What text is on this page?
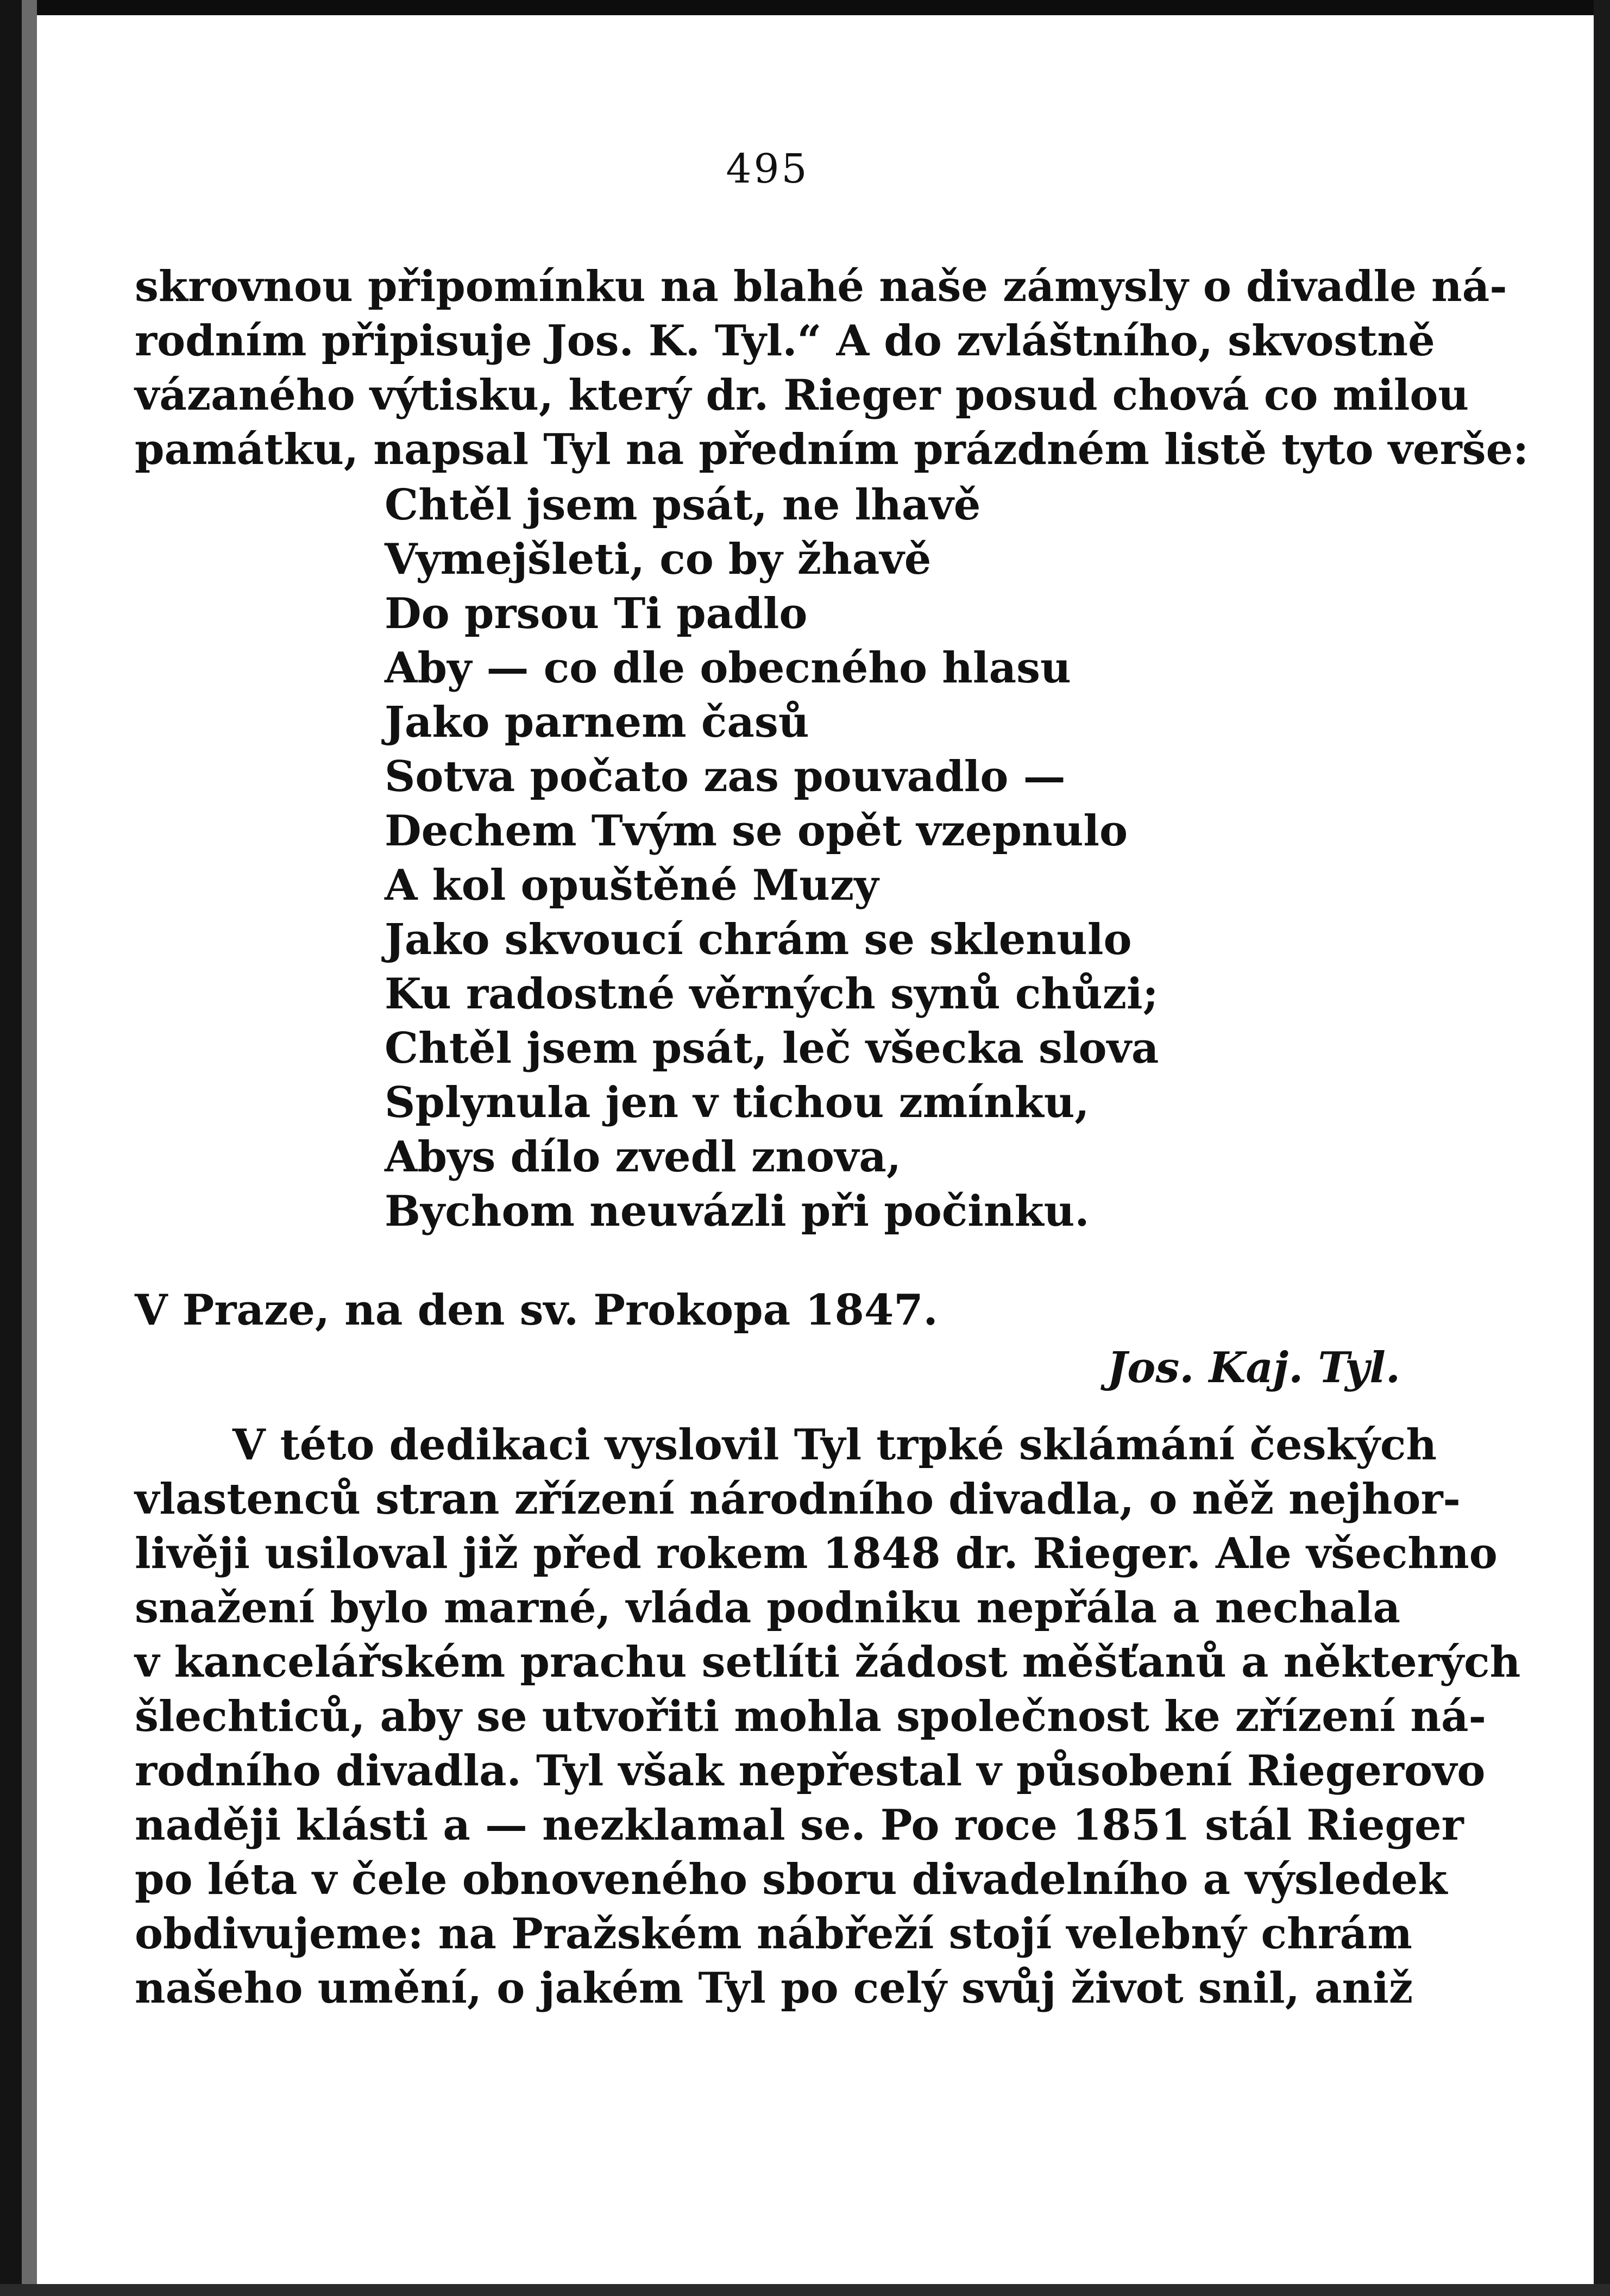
495
skrovnou připomínku na blahé naše zámysly o divadle ná-
rodním připisuje Jos. K. Tyl.“ A do zvláštního, skvostně
vázaného výtisku, který dr. Rieger posud chová co milou
památku, napsal Tyl na předním prázdném listě tyto verše:
Chtěl jsem psát, ne lhavě
Vymejšleti, co by žhavě
Do prsou Ti padlo
Aby — co dle obecného hlasu
Jako parnem časů
Sotva počato zas pouvadlo —
Dechem Tvým se opět vzepnulo
A kol opuštěné Muzy
Jako skvoucí chrám se sklenulo
Ku radostné věrných synů chůzi;
Chtěl jsem psát, leč všecka slova
Splynula jen v tichou zmínku,
Abys dílo zvedl znova,
Bychom neuvázli při počinku.
V Praze, na den sv. Prokopa 1847.
Jos. Kaj. Tyl.
V této dedikaci vyslovil Tyl trpké sklámání českých
vlastenců stran zřízení národního divadla, o něž nejhor-
livěji usiloval již před rokem 1848 dr. Rieger. Ale všechno
snažení bylo marné, vláda podniku nepřála a nechala
v kancelářském prachu setlíti žádost měšťanů a některých
šlechticů, aby se utvořiti mohla společnost ke zřízení ná-
rodního divadla. Tyl však nepřestal v působení Riegerovo
naději klásti a — nezklamal se. Po roce 1851 stál Rieger
po léta v čele obnoveného sboru divadelního a výsledek
obdivujeme: na Pražském nábřeží stojí velebný chrám
našeho umění, o jakém Tyl po celý svůj život snil, aniž
